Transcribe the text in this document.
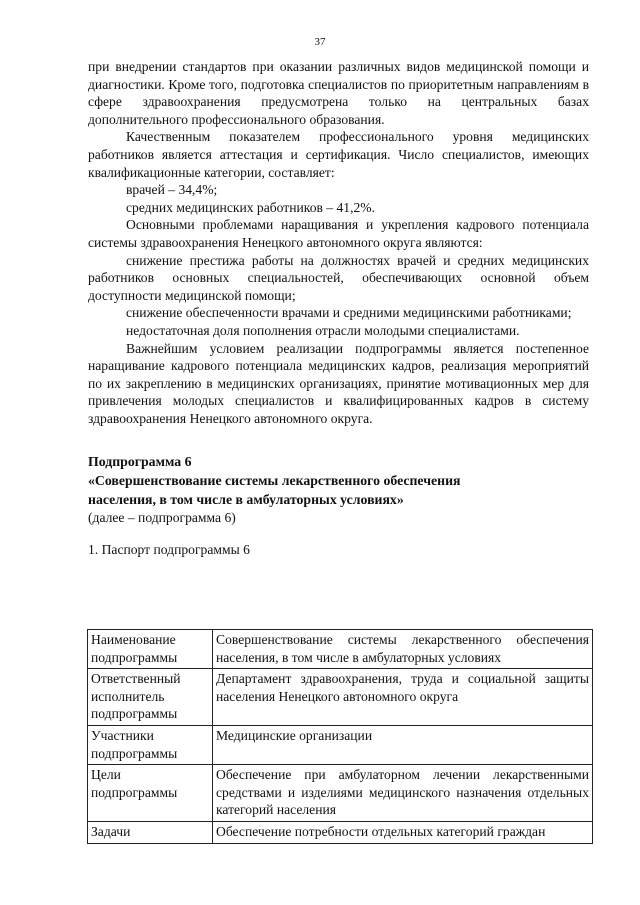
37

при внедрении стандартов при оказании различных видов медицинской помощи и диагностики. Кроме того, подготовка специалистов по приоритетным направлениям в сфере здравоохранения предусмотрена только на центральных базах дополнительного профессионального образования.

Качественным показателем профессионального уровня медицинских работников является аттестация и сертификация. Число специалистов, имеющих квалификационные категории, составляет:

врачей – 34,4%;

средних медицинских работников – 41,2%.

Основными проблемами наращивания и укрепления кадрового потенциала системы здравоохранения Ненецкого автономного округа являются:

снижение престижа работы на должностях врачей и средних медицинских работников основных специальностей, обеспечивающих основной объем доступности медицинской помощи;

снижение обеспеченности врачами и средними медицинскими работниками;

недостаточная доля пополнения отрасли молодыми специалистами.

Важнейшим условием реализации подпрограммы является постепенное наращивание кадрового потенциала медицинских кадров, реализация мероприятий по их закреплению в медицинских организациях, принятие мотивационных мер для привлечения молодых специалистов и квалифицированных кадров в систему здравоохранения Ненецкого автономного округа.

Подпрограмма 6

«Совершенствование системы лекарственного обеспечения

населения, в том числе в амбулаторных условиях»

(далее – подпрограмма 6)

1. Паспорт подпрограммы 6

Наименование подпрограммы	Совершенствование системы лекарственного обеспечения населения, в том числе в амбулаторных условиях
Ответственный исполнитель подпрограммы	Департамент здравоохранения, труда и социальной защиты населения Ненецкого автономного округа
Участники подпрограммы	Медицинские организации
Цели подпрограммы	Обеспечение при амбулаторном лечении лекарственными средствами и изделиями медицинского назначения отдельных категорий населения
Задачи	Обеспечение потребности отдельных категорий граждан
